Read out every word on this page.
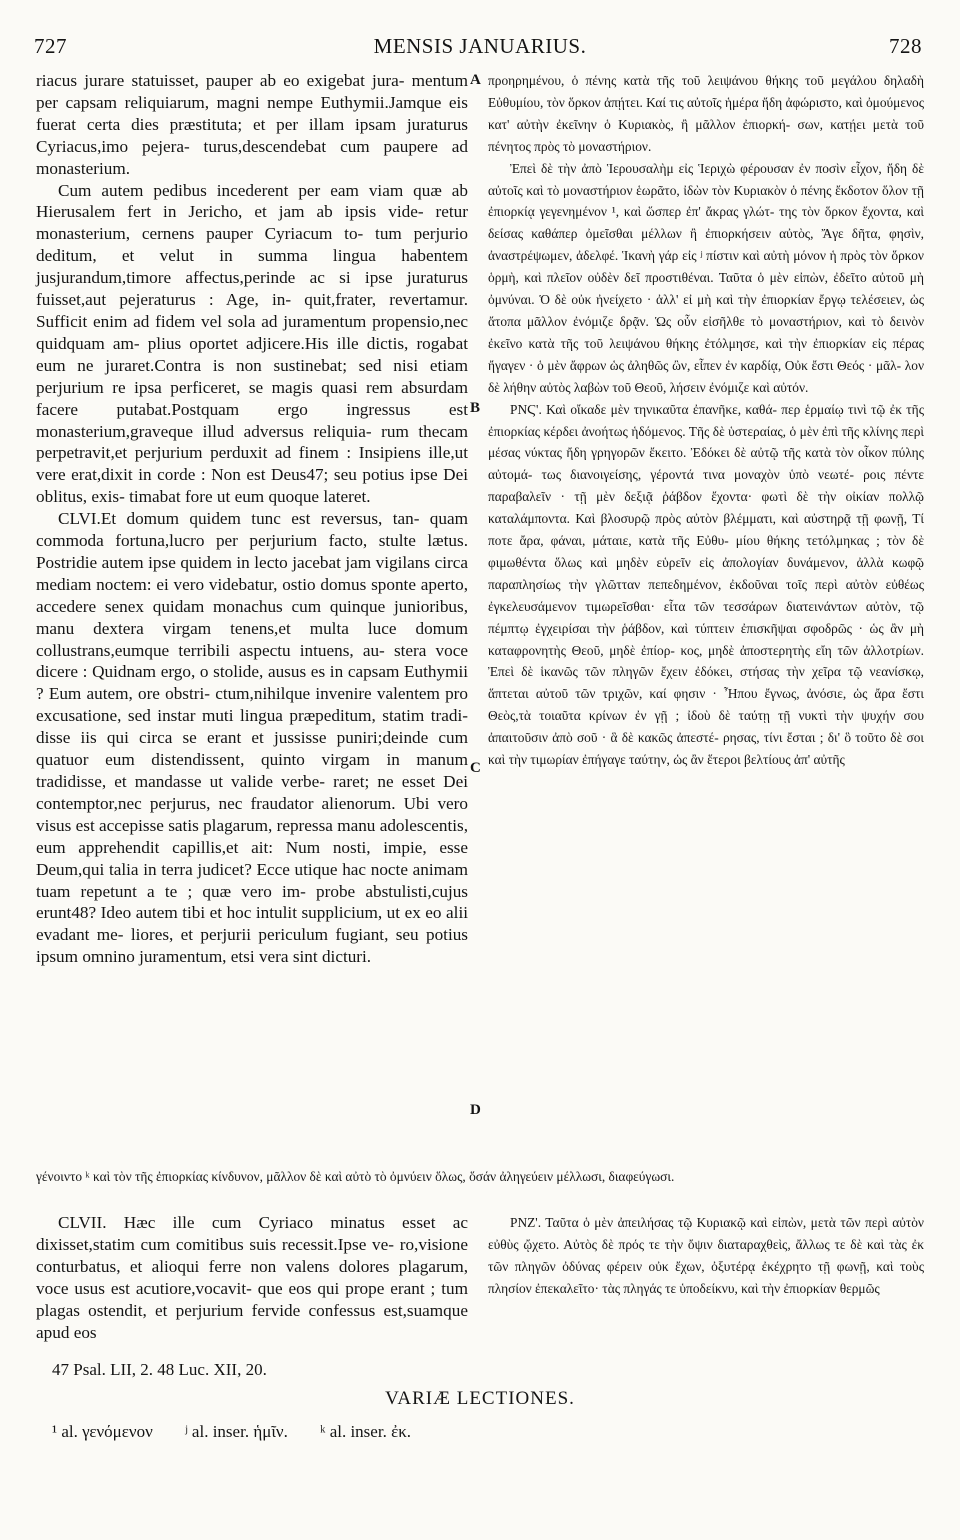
727	MENSIS JANUARIUS.	728

riacus jurare statuisset, pauper ab eo exigebat jura- mentum per capsam reliquiarum, magni nempe Euthymii.Jamque eis fuerat certa dies præstituta; et per illam ipsam juraturus Cyriacus,imo pejera- turus,descendebat cum paupere ad monasterium.

Cum autem pedibus incederent per eam viam quæ ab Hierusalem fert in Jericho, et jam ab ipsis vide- retur monasterium, cernens pauper Cyriacum to- tum perjurio deditum, et velut in summa lingua habentem jusjurandum,timore affectus,perinde ac si ipse juraturus fuisset,aut pejeraturus : Age, in- quit,frater, revertamur. Sufficit enim ad fidem vel sola ad juramentum propensio,nec quidquam am- plius oportet adjicere.His ille dictis, rogabat eum ne juraret.Contra is non sustinebat; sed nisi etiam perjurium re ipsa perficeret, se magis quasi rem absurdam facere putabat.Postquam ergo ingressus est monasterium,graveque illud adversus reliquia- rum thecam perpetravit,et perjurium perduxit ad finem : Insipiens ille,ut vere erat,dixit in corde : Non est Deus47; seu potius ipse Dei oblitus, exis- timabat fore ut eum quoque lateret.

CLVI.Et domum quidem tunc est reversus, tan- quam commoda fortuna,lucro per perjurium facto, stulte lætus. Postridie autem ipse quidem in lecto jacebat jam vigilans circa mediam noctem: ei vero videbatur, ostio domus sponte aperto, accedere senex quidam monachus cum quinque junioribus, manu dextera virgam tenens,et multa luce domum collustrans,eumque terribili aspectu intuens, au- stera voce dicere : Quidnam ergo, o stolide, ausus es in capsam Euthymii ? Eum autem, ore obstri- ctum,nihilque invenire valentem pro excusatione, sed instar muti lingua præpeditum, statim tradi- disse iis qui circa se erant et jussisse puniri;deinde cum quatuor eum distendissent, quinto virgam in manum tradidisse, et mandasse ut valide verbe- raret; ne esset Dei contemptor,nec perjurus, nec fraudator alienorum. Ubi vero visus est accepisse satis plagarum, repressa manu adolescentis, eum apprehendit capillis,et ait: Num nosti, impie, esse Deum,qui talia in terra judicet? Ecce utique hac nocte animam tuam repetunt a te ; quæ vero im- probe abstulisti,cujus erunt48? Ideo autem tibi et hoc intulit supplicium, ut ex eo alii evadant me- liores, et perjurii periculum fugiant, seu potius ipsum omnino juramentum, etsi vera sint dicturi.

προηρημένου, ὁ πένης κατὰ τῆς τοῦ λειψάνου θήκης τοῦ μεγάλου δηλαδὴ Εὐθυμίου, τὸν ὅρκον ἀπῄτει. Καί τις αὐτοῖς ἡμέρα ἤδη ἀφώριστο, καὶ ὀμούμενος κατ' αὐτὴν ἐκεῖνην ὁ Κυριακὸς, ἢ μᾶλλον ἐπιορκή- σων, κατῄει μετὰ τοῦ πένητος πρὸς τὸ μοναστήριον.

Ἐπεὶ δὲ τὴν ἀπὸ Ἱερουσαλὴμ εἰς Ἱεριχὼ φέρουσαν ἐν ποσὶν εἶχον, ἤδη δὲ αὐτοῖς καὶ τὸ μοναστήριον ἑωρᾶτο, ἰδὼν τὸν Κυριακὸν ὁ πένης ἔκδοτον ὅλον τῇ ἐπιορκίᾳ γεγενημένον ¹, καὶ ὥσπερ ἐπ' ἄκρας γλώτ- της τὸν ὅρκον ἔχοντα, καὶ δείσας καθάπερ ὀμεῖσθαι μέλλων ἢ ἐπιορκήσειν αὐτὸς, Ἄγε δῆτα, φησὶν, ἀναστρέψωμεν, ἀδελφέ. Ἱκανὴ γάρ εἰς ʲ πίστιν καὶ αὐτὴ μόνον ἡ πρὸς τὸν ὅρκον ὁρμὴ, καὶ πλεῖον οὐδὲν δεῖ προστιθέναι. Ταῦτα ὁ μὲν εἰπὼν, ἐδεῖτο αὐτοῦ μὴ ὀμνύναι. Ὁ δὲ οὐκ ἠνείχετο · ἀλλ' εἰ μὴ καὶ τὴν ἐπιορκίαν ἔργῳ τελέσειεν, ὡς ἄτοπα μᾶλλον ἐνόμιζε δρᾷν. Ὡς οὖν εἰσῆλθε τὸ μοναστήριον, καὶ τὸ δεινὸν ἐκεῖνο κατὰ τῆς τοῦ λειψάνου θήκης ἐτόλμησε, καὶ τὴν ἐπιορκίαν εἰς πέρας ἤγαγεν · ὁ μὲν ἄφρων ὡς ἀληθῶς ὢν, εἶπεν ἐν καρδίᾳ, Οὐκ ἔστι Θεός · μᾶλ- λον δὲ λήθην αὐτὸς λαβὼν τοῦ Θεοῦ, λήσειν ἐνόμιζε καὶ αὐτόν.

ΡΝϚ'. Καὶ οἴκαδε μὲν τηνικαῦτα ἐπανῆκε, καθά- περ ἑρμαίῳ τινὶ τῷ ἐκ τῆς ἐπιορκίας κέρδει ἀνοήτως ἡδόμενος. Τῆς δὲ ὑστεραίας, ὁ μὲν ἐπὶ τῆς κλίνης περὶ μέσας νύκτας ἤδη γρηγορῶν ἔκειτο. Ἐδόκει δὲ αὐτῷ τῆς κατὰ τὸν οἶκον πύλης αὐτομά- τως διανοιγείσης, γέροντά τινα μοναχὸν ὑπὸ νεωτέ- ροις πέντε παραβαλεῖν · τῇ μὲν δεξιᾷ ῥάβδον ἔχοντα· φωτὶ δὲ τὴν οἰκίαν πολλῷ καταλάμποντα. Καὶ βλοσυρῷ πρὸς αὐτὸν βλέμματι, καὶ αὐστηρᾷ τῇ φωνῇ, Τί ποτε ἄρα, φάναι, μάταιε, κατὰ τῆς Εὐθυ- μίου θήκης τετόλμηκας ; τὸν δὲ φιμωθέντα ὅλως καὶ μηδὲν εὑρεῖν εἰς ἀπολογίαν δυνάμενον, ἀλλὰ κωφῷ παραπλησίως τὴν γλῶτταν πεπεδημένον, ἐκδοῦναι τοῖς περὶ αὐτὸν εὐθέως ἐγκελευσάμενον τιμωρεῖσθαι· εἶτα τῶν τεσσάρων διατεινάντων αὐτὸν, τῷ πέμπτῳ ἐγχειρίσαι τὴν ῥάβδον, καὶ τύπτειν ἐπισκῆψαι σφοδρῶς · ὡς ἂν μὴ καταφρονητὴς Θεοῦ, μηδὲ ἐπίορ- κος, μηδὲ ἀποστερητὴς εἴη τῶν ἀλλοτρίων. Ἐπεὶ δὲ ἱκανῶς τῶν πληγῶν ἔχειν ἐδόκει, στήσας τὴν χεῖρα τῷ νεανίσκῳ, ἅπτεται αὐτοῦ τῶν τριχῶν, καί φησιν · Ἦπου ἔγνως, ἀνόσιε, ὡς ἄρα ἔστι Θεὸς,τὰ τοιαῦτα κρίνων ἐν γῇ ; ἰδοὺ δὲ ταύτῃ τῇ νυκτὶ τὴν ψυχήν σου ἀπαιτοῦσιν ἀπὸ σοῦ · ἃ δὲ κακῶς ἀπεστέ- ρησας, τίνι ἔσται ; δι' ὃ τοῦτο δὲ σοι καὶ τὴν τιμωρίαν ἐπήγαγε ταύτην, ὡς ἂν ἕτεροι βελτίους ἀπ' αὐτῆς

A
B
C
D
γένοιντο ᵏ καὶ τὸν τῆς ἐπιορκίας κίνδυνον, μᾶλλον δὲ καὶ αὐτὸ τὸ ὀμνύειν ὅλως, ὅσάν ἀληγεύειν μέλλωσι, διαφεύγωσι.

CLVII. Hæc ille cum Cyriaco minatus esset ac dixisset,statim cum comitibus suis recessit.Ipse ve- ro,visione conturbatus, et alioqui ferre non valens dolores plagarum, voce usus est acutiore,vocavit- que eos qui prope erant ; tum plagas ostendit, et perjurium fervide confessus est,suamque apud eos

ΡΝΖ'. Ταῦτα ὁ μὲν ἀπειλήσας τῷ Κυριακῷ καὶ εἰπὼν, μετὰ τῶν περὶ αὐτὸν εὐθὺς ᾤχετο. Αὐτὸς δὲ πρός τε τὴν ὄψιν διαταραχθεὶς, ἄλλως τε δὲ καὶ τὰς ἐκ τῶν πληγῶν ὀδύνας φέρειν οὐκ ἔχων, ὀξυτέρᾳ ἐκέχρητο τῇ φωνῇ, καὶ τοὺς πλησίον ἐπεκαλεῖτο· τὰς πληγάς τε ὑποδείκνυ, καὶ τὴν ἐπιορκίαν θερμῶς

47 Psal. LII, 2. 48 Luc. XII, 20.
VARIÆ LECTIONES.
¹ al. γενόμενον ʲ al. inser. ἡμῖν. ᵏ al. inser. ἐκ.
